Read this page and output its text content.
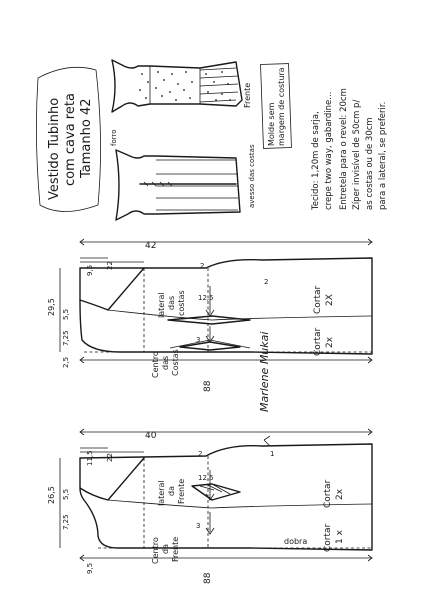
Vestido Tubinho com cava reta Tamanho 42
Frente
forro
avesso das costas
Molde sem margem de costura
Tecido: 1,20m de sarja, crepe two way, gabardine... Entretela para o revel: 20cm Zíper invisível de 50cm p/ as costas ou de 30cm para a lateral, se preferir.
lateral das costas
Centro das Costas
Cortar 2X
Cortar 2x
42
9,5 22
29,5 5,5
7,25
2,5
12,5
3
2
2
88	Marlene Mukai
lateral da Frente
Centro da Frente
Cortar 2x
Cortar 1 x
dobra
40
11,5 22
26,5 5,5
7,25
9,5
12,5
3
2	1
88
